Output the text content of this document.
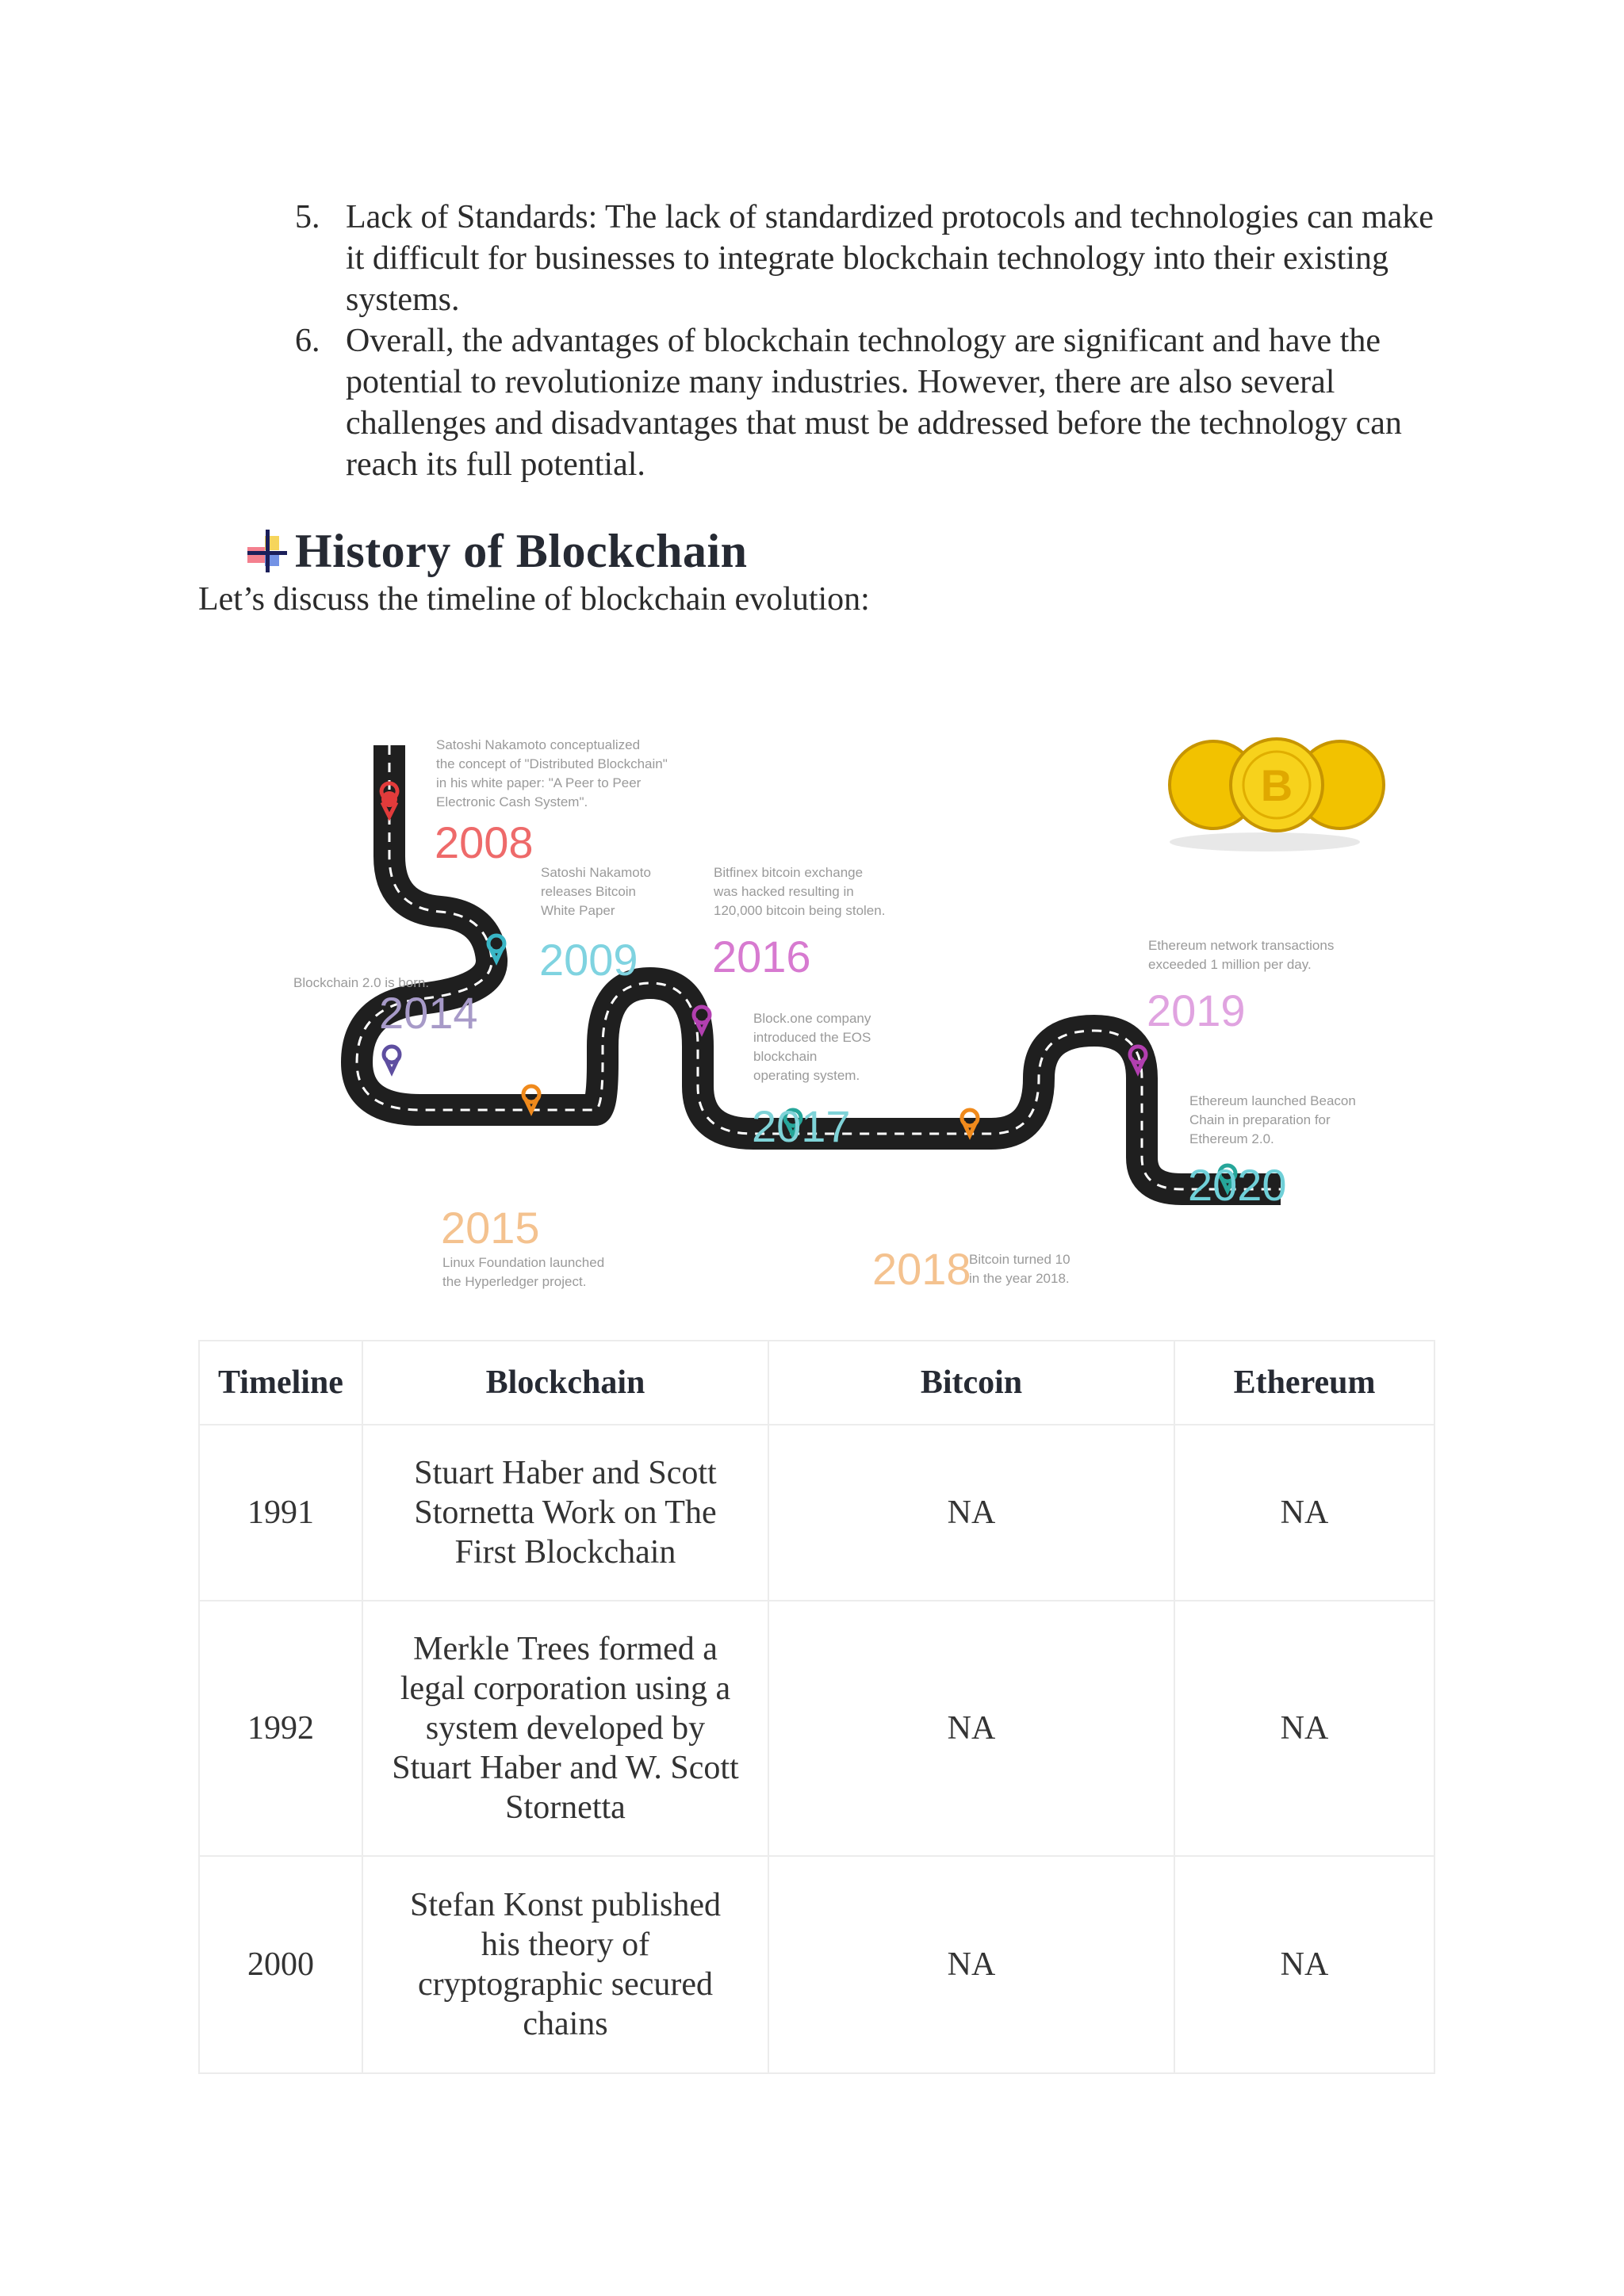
5. Lack of Standards: The lack of standardized protocols and technologies can make it difficult for businesses to integrate blockchain technology into their existing systems.
6. Overall, the advantages of blockchain technology are significant and have the potential to revolutionize many industries. However, there are also several challenges and disadvantages that must be addressed before the technology can reach its full potential.
History of Blockchain

Let’s discuss the timeline of blockchain evolution:

B
Satoshi Nakamoto conceptualized
the concept of "Distributed Blockchain"
in his white paper: "A Peer to Peer
Electronic Cash System".
2008
Satoshi Nakamoto
releases Bitcoin
White Paper
2009
Bitfinex bitcoin exchange
was hacked resulting in
120,000 bitcoin being stolen.
2016
Blockchain 2.0 is born.
2014	Block.one company
introduced the EOS
blockchain
operating system.
2017
Ethereum network transactions
exceeded 1 million per day.
2019
Ethereum launched Beacon
Chain in preparation for
Ethereum 2.0.
2020
2015
Linux Foundation launched
the Hyperledger project.	2018
Bitcoin turned 10
in the year 2018.
Timeline	Blockchain	Bitcoin	Ethereum
1991	Stuart Haber and Scott Stornetta Work on The First Blockchain	NA	NA
1992	Merkle Trees formed a legal corporation using a system developed by Stuart Haber and W. Scott Stornetta	NA	NA
2000	Stefan Konst published his theory of cryptographic secured chains	NA	NA
